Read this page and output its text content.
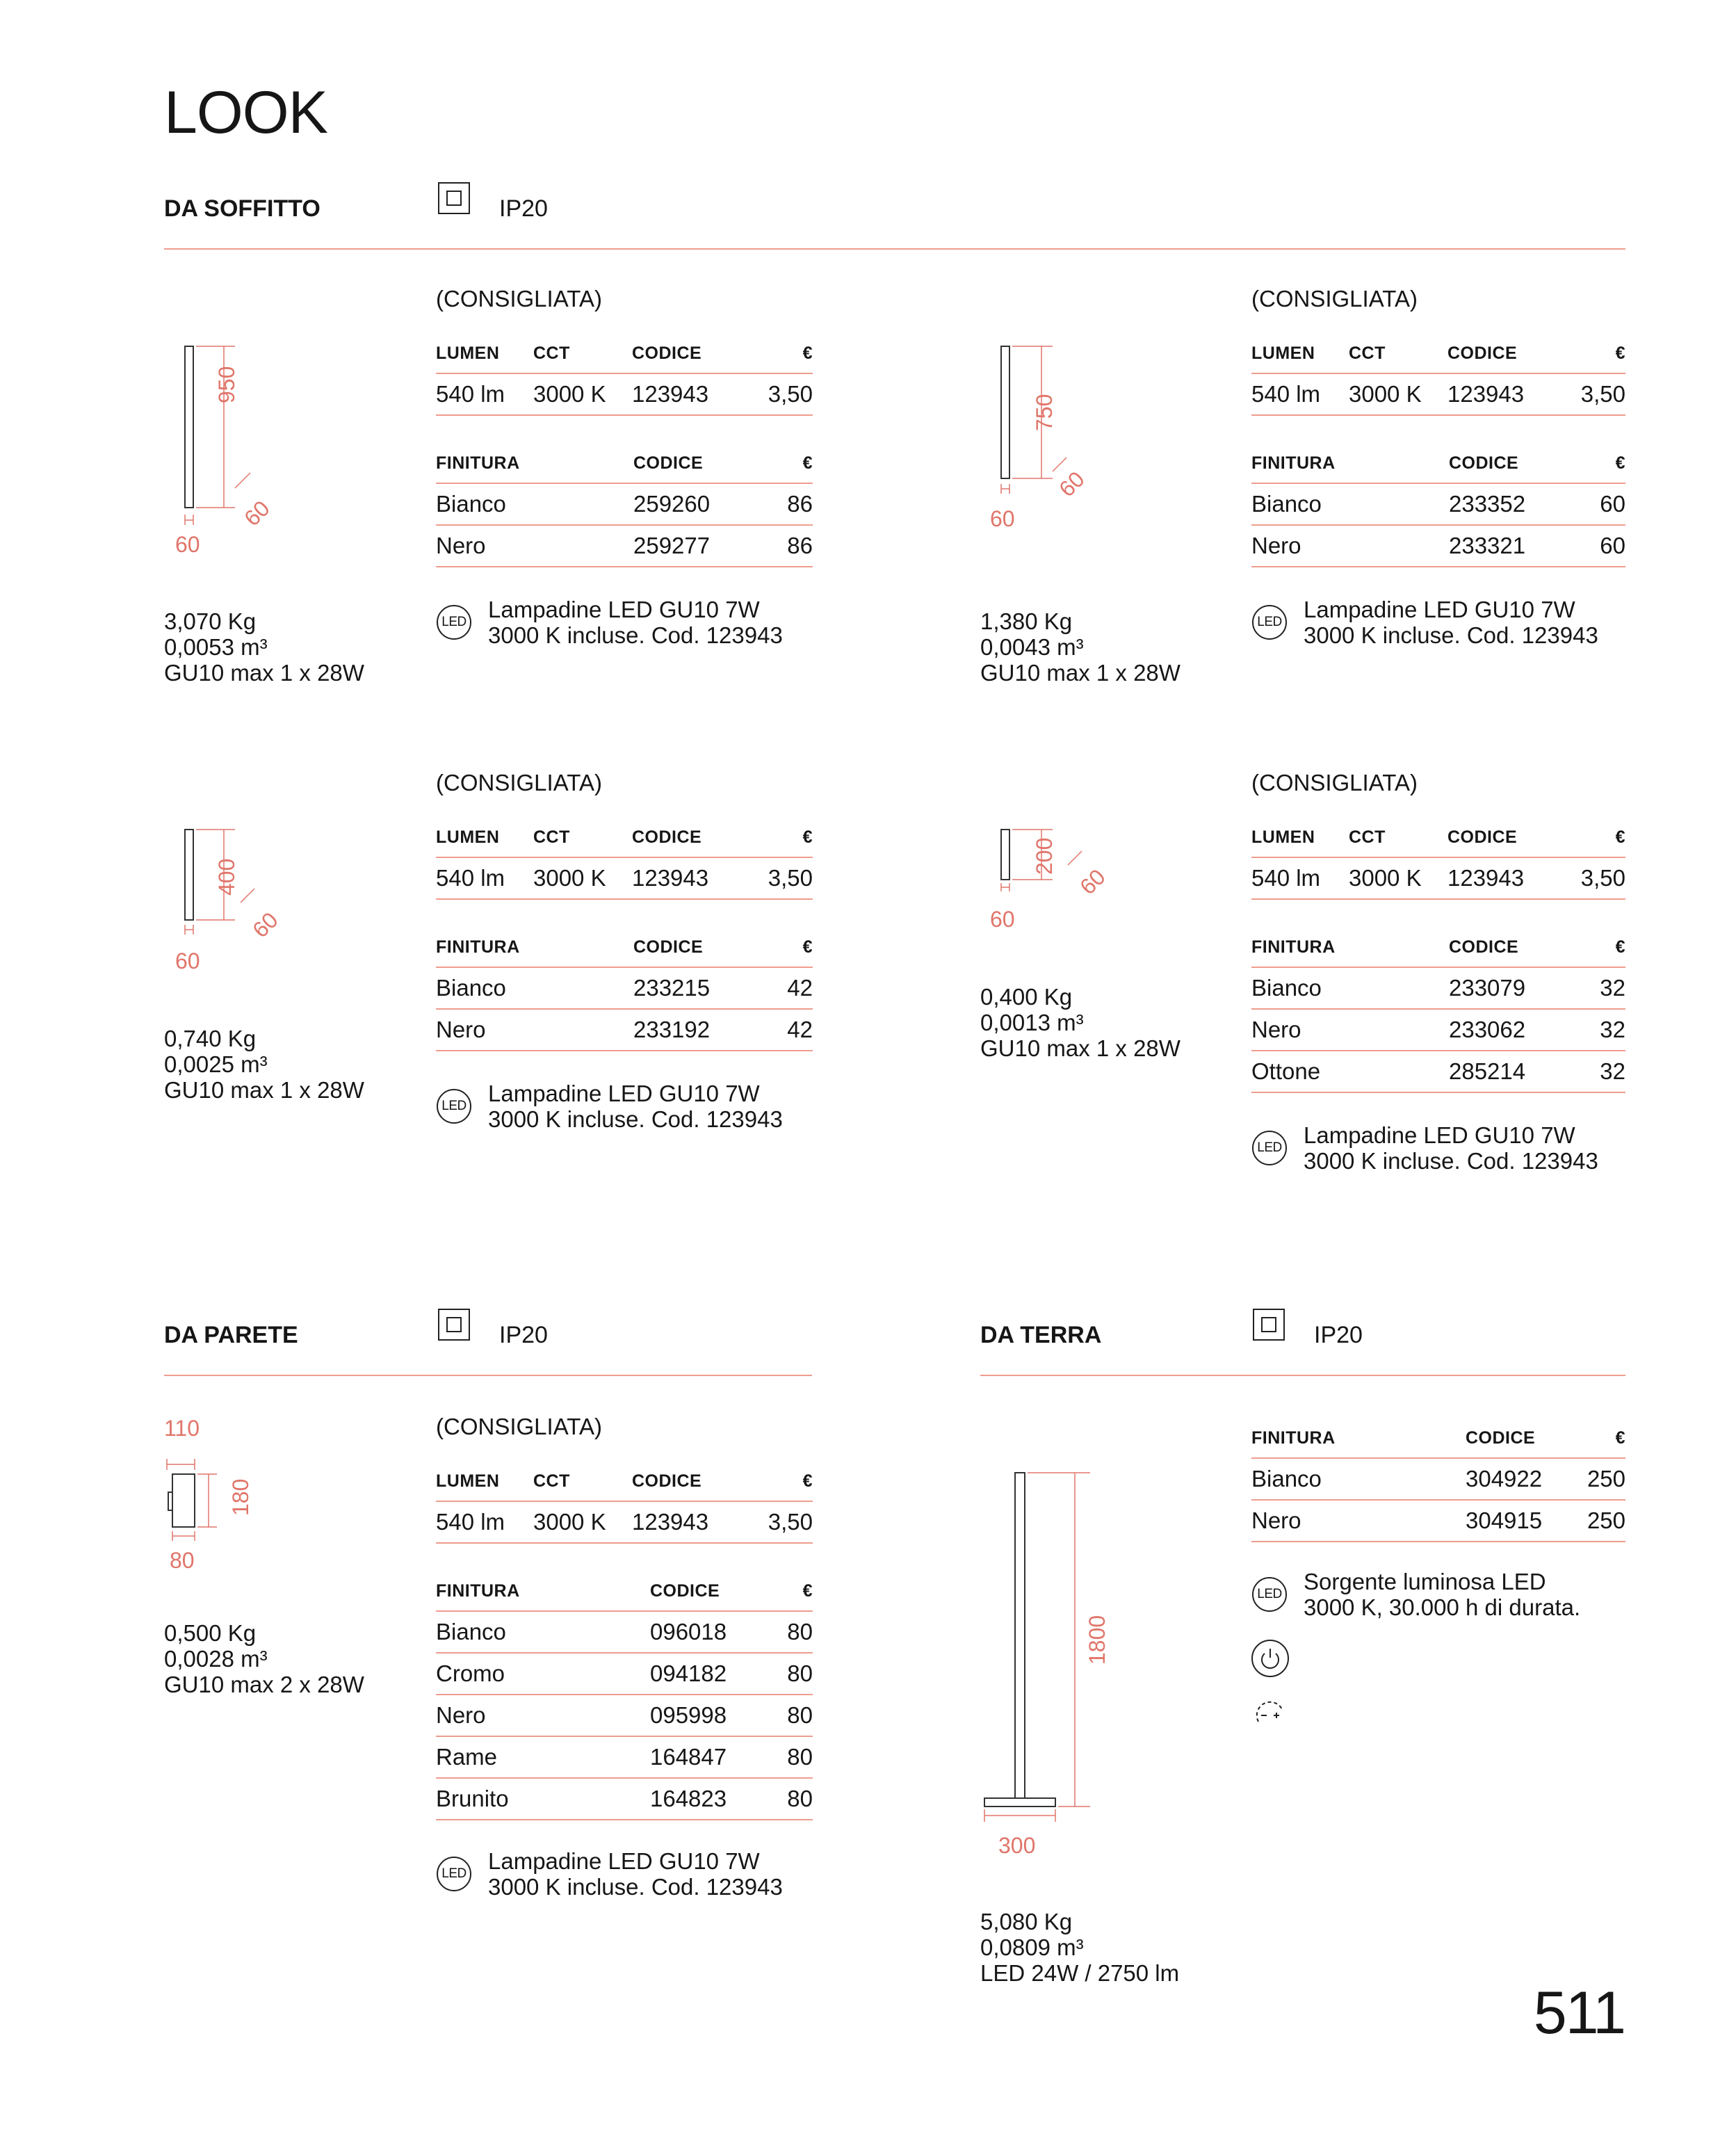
LOOK
DA SOFFITTO	IP20
950
60
60
3,070 Kg
0,0053 m³
GU10 max 1 x 28W
(CONSIGLIATA)
LUMEN	CCT	CODICE	€
540 lm	3000 K	123943	3,50
FINITURA	CODICE	€
Bianco	259260	86
Nero	259277	86
LED Lampadine LED GU10 7W
3000 K incluse. Cod. 123943
750
60
60
1,380 Kg
0,0043 m³
GU10 max 1 x 28W
(CONSIGLIATA)
LUMEN	CCT	CODICE	€
540 lm	3000 K	123943	3,50
FINITURA	CODICE	€
Bianco	233352	60
Nero	233321	60
LED Lampadine LED GU10 7W
3000 K incluse. Cod. 123943
400
60
60
0,740 Kg
0,0025 m³
GU10 max 1 x 28W
(CONSIGLIATA)
LUMEN	CCT	CODICE	€
540 lm	3000 K	123943	3,50
FINITURA	CODICE	€
Bianco	233215	42
Nero	233192	42
LED Lampadine LED GU10 7W
3000 K incluse. Cod. 123943
200
60
60
0,400 Kg
0,0013 m³
GU10 max 1 x 28W
(CONSIGLIATA)
LUMEN	CCT	CODICE	€
540 lm	3000 K	123943	3,50
FINITURA	CODICE	€
Bianco	233079	32
Nero	233062	32
Ottone	285214	32
LED Lampadine LED GU10 7W
3000 K incluse. Cod. 123943
DA PARETE	IP20
110
180
80
0,500 Kg
0,0028 m³
GU10 max 2 x 28W
(CONSIGLIATA)
LUMEN	CCT	CODICE	€
540 lm	3000 K	123943	3,50
FINITURA	CODICE	€
Bianco	096018	80
Cromo	094182	80
Nero	095998	80
Rame	164847	80
Brunito	164823	80
LED Lampadine LED GU10 7W
3000 K incluse. Cod. 123943
DA TERRA	IP20
1800
300
5,080 Kg
0,0809 m³
LED 24W / 2750 lm
FINITURA	CODICE	€
Bianco	304922	250
Nero	304915	250
LED Sorgente luminosa LED
3000 K, 30.000 h di durata.
511
